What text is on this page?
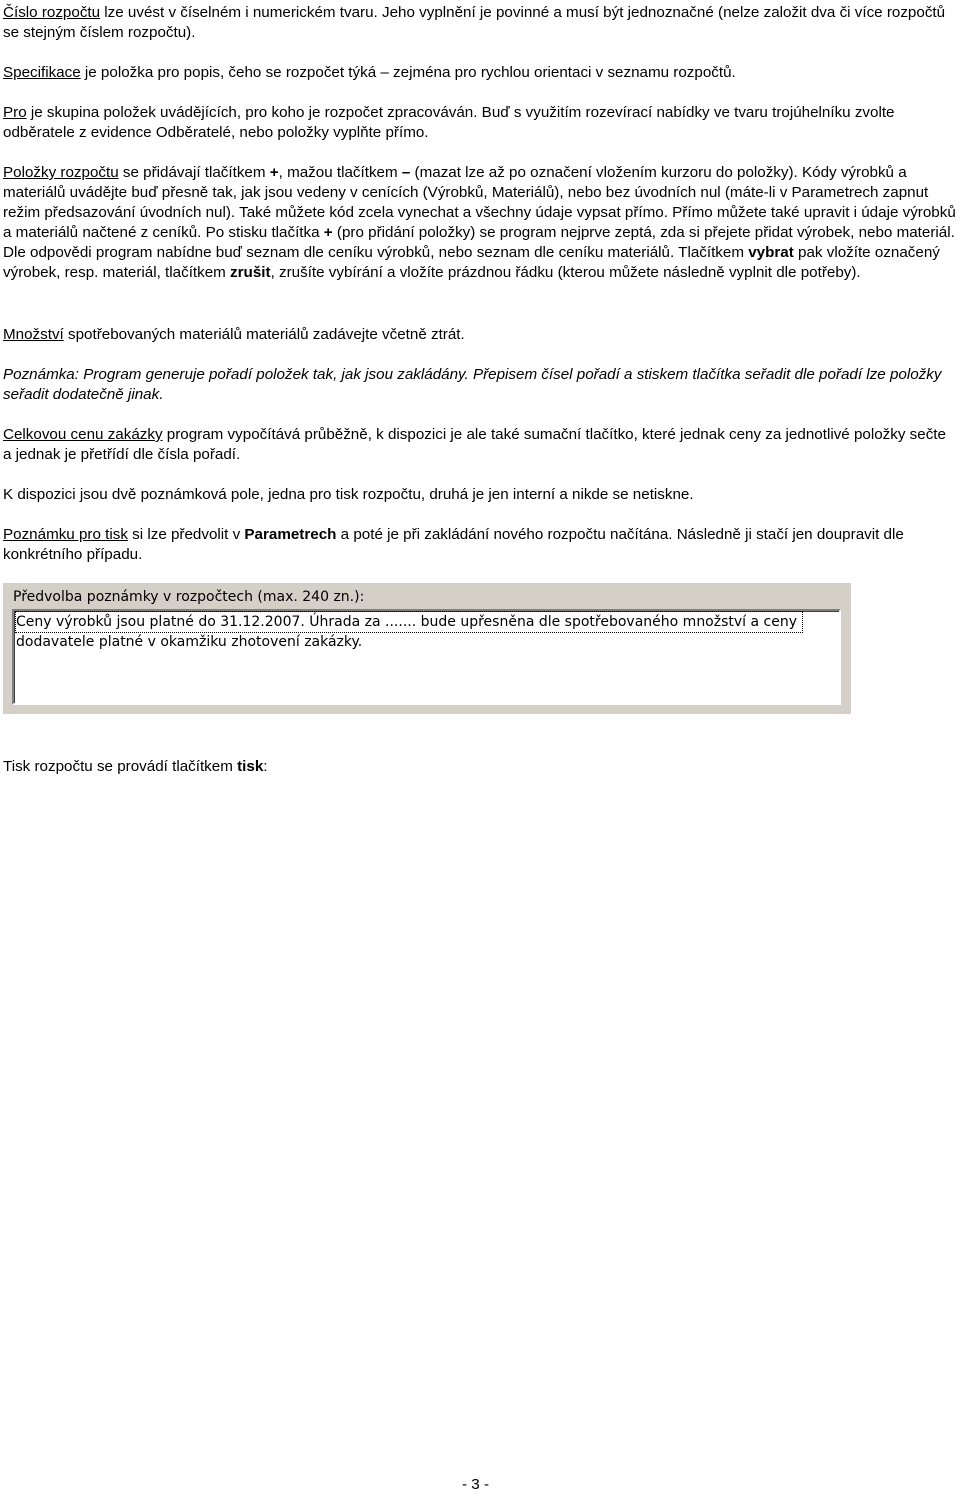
Číslo rozpočtu lze uvést v číselném i numerickém tvaru. Jeho vyplnění je povinné a musí být jednoznačné (nelze založit dva či více rozpočtů se stejným číslem rozpočtu).

Specifikace je položka pro popis, čeho se rozpočet týká – zejména pro rychlou orientaci v seznamu rozpočtů.

Pro je skupina položek uvádějících, pro koho je rozpočet zpracováván. Buď s využitím rozevírací nabídky ve tvaru trojúhelníku zvolte odběratele z evidence Odběratelé, nebo položky vyplňte přímo.

Položky rozpočtu se přidávají tlačítkem +, mažou tlačítkem – (mazat lze až po označení vložením kurzoru do položky). Kódy výrobků a materiálů uvádějte buď přesně tak, jak jsou vedeny v cenících (Výrobků, Materiálů), nebo bez úvodních nul (máte-li v Parametrech zapnut režim předsazování úvodních nul). Také můžete kód zcela vynechat a všechny údaje vypsat přímo. Přímo můžete také upravit i údaje výrobků a materiálů načtené z ceníků. Po stisku tlačítka + (pro přidání položky) se program nejprve zeptá, zda si přejete přidat výrobek, nebo materiál. Dle odpovědi program nabídne buď seznam dle ceníku výrobků, nebo seznam dle ceníku materiálů. Tlačítkem vybrat pak vložíte označený výrobek, resp. materiál, tlačítkem zrušit, zrušíte vybírání a vložíte prázdnou řádku (kterou můžete následně vyplnit dle potřeby).

Množství spotřebovaných materiálů materiálů zadávejte včetně ztrát.

Poznámka: Program generuje pořadí položek tak, jak jsou zakládány. Přepisem čísel pořadí a stiskem tlačítka seřadit dle pořadí lze položky seřadit dodatečně jinak.

Celkovou cenu zakázky program vypočítává průběžně, k dispozici je ale také sumační tlačítko, které jednak ceny za jednotlivé položky sečte a jednak je přetřídí dle čísla pořadí.

K dispozici jsou dvě poznámková pole, jedna pro tisk rozpočtu, druhá je jen interní a nikde se netiskne.

Poznámku pro tisk si lze předvolit v Parametrech a poté je při zakládání nového rozpočtu načítána. Následně ji stačí jen doupravit dle konkrétního případu.

Předvolba poznámky v rozpočtech (max. 240 zn.):
Ceny výrobků jsou platné do 31.12.2007. Úhrada za ....... bude upřesněna dle spotřebovaného množství a ceny
dodavatele platné v okamžiku zhotovení zakázky.

Tisk rozpočtu se provádí tlačítkem tisk:

- 3 -
